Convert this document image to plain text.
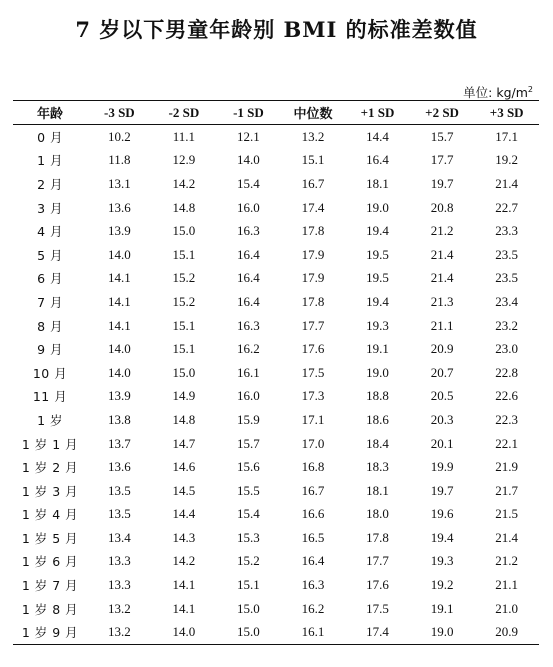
7 岁以下男童年龄别 BMI 的标准差数值
单位: $kg/m^2$
年龄	-3 SD	-2 SD	-1 SD	中位数	+1 SD	+2 SD	+3 SD
0 月	10.2	11.1	12.1	13.2	14.4	15.7	17.1
1 月	11.8	12.9	14.0	15.1	16.4	17.7	19.2
2 月	13.1	14.2	15.4	16.7	18.1	19.7	21.4
3 月	13.6	14.8	16.0	17.4	19.0	20.8	22.7
4 月	13.9	15.0	16.3	17.8	19.4	21.2	23.3
5 月	14.0	15.1	16.4	17.9	19.5	21.4	23.5
6 月	14.1	15.2	16.4	17.9	19.5	21.4	23.5
7 月	14.1	15.2	16.4	17.8	19.4	21.3	23.4
8 月	14.1	15.1	16.3	17.7	19.3	21.1	23.2
9 月	14.0	15.1	16.2	17.6	19.1	20.9	23.0
10 月	14.0	15.0	16.1	17.5	19.0	20.7	22.8
11 月	13.9	14.9	16.0	17.3	18.8	20.5	22.6
1 岁	13.8	14.8	15.9	17.1	18.6	20.3	22.3
1 岁 1 月	13.7	14.7	15.7	17.0	18.4	20.1	22.1
1 岁 2 月	13.6	14.6	15.6	16.8	18.3	19.9	21.9
1 岁 3 月	13.5	14.5	15.5	16.7	18.1	19.7	21.7
1 岁 4 月	13.5	14.4	15.4	16.6	18.0	19.6	21.5
1 岁 5 月	13.4	14.3	15.3	16.5	17.8	19.4	21.4
1 岁 6 月	13.3	14.2	15.2	16.4	17.7	19.3	21.2
1 岁 7 月	13.3	14.1	15.1	16.3	17.6	19.2	21.1
1 岁 8 月	13.2	14.1	15.0	16.2	17.5	19.1	21.0
1 岁 9 月	13.2	14.0	15.0	16.1	17.4	19.0	20.9
